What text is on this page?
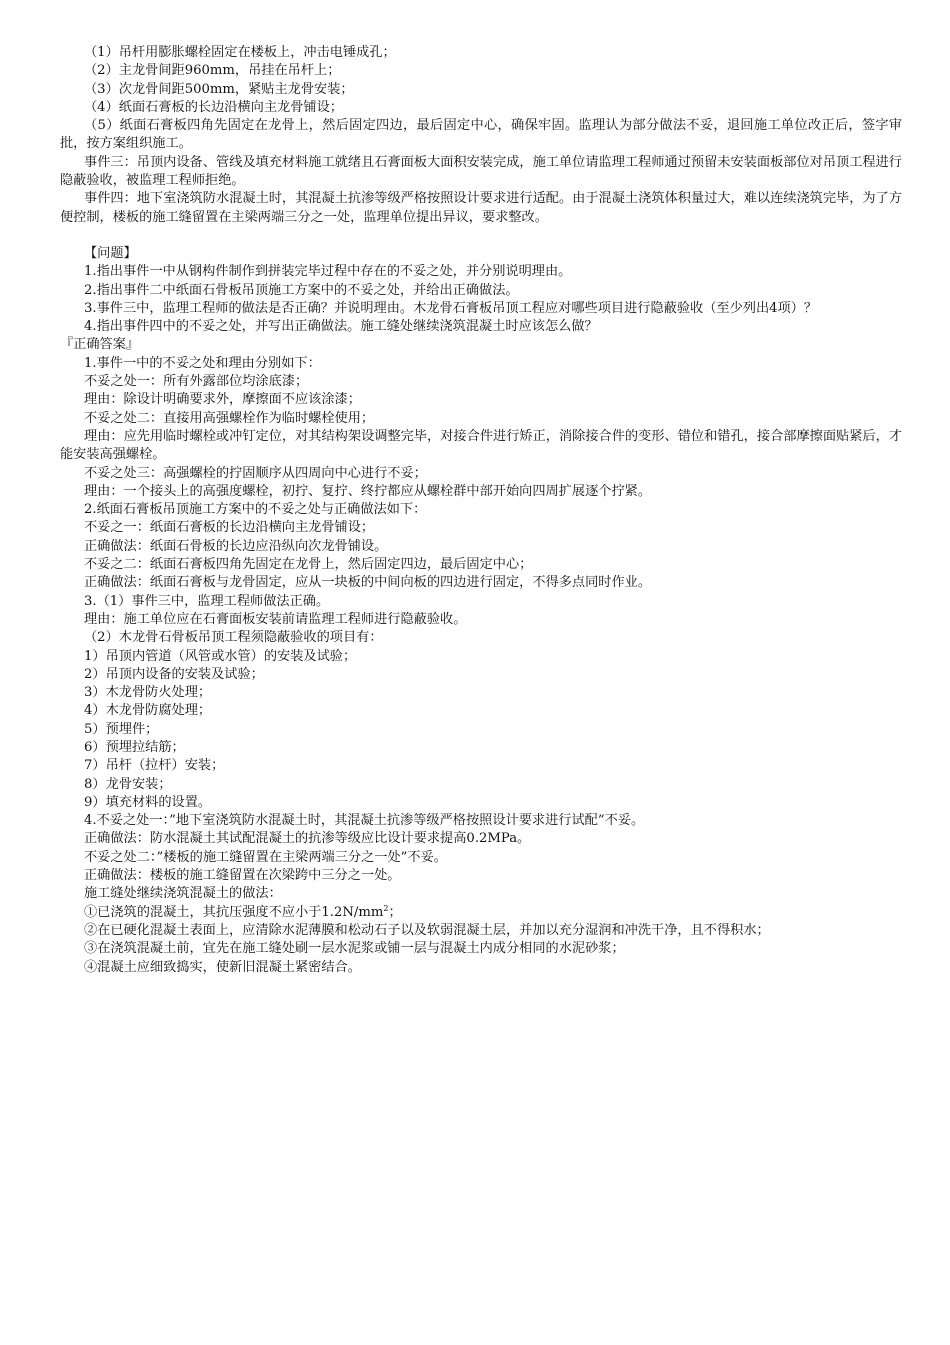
（1）吊杆用膨胀螺栓固定在楼板上，冲击电锤成孔；

（2）主龙骨间距960mm，吊挂在吊杆上；

（3）次龙骨间距500mm，紧贴主龙骨安装；

（4）纸面石膏板的长边沿横向主龙骨铺设；

（5）纸面石膏板四角先固定在龙骨上，然后固定四边，最后固定中心，确保牢固。监理认为部分做法不妥，退回施工单位改正后，签字审批，按方案组织施工。

事件三：吊顶内设备、管线及填充材料施工就绪且石膏面板大面积安装完成，施工单位请监理工程师通过预留未安装面板部位对吊顶工程进行隐蔽验收，被监理工程师拒绝。

事件四：地下室浇筑防水混凝土时，其混凝土抗渗等级严格按照设计要求进行适配。由于混凝土浇筑体积量过大，难以连续浇筑完毕，为了方便控制，楼板的施工缝留置在主梁两端三分之一处，监理单位提出异议，要求整改。

【问题】

1.指出事件一中从钢构件制作到拼装完毕过程中存在的不妥之处，并分别说明理由。

2.指出事件二中纸面石骨板吊顶施工方案中的不妥之处，并给出正确做法。

3.事件三中，监理工程师的做法是否正确？并说明理由。木龙骨石膏板吊顶工程应对哪些项目进行隐蔽验收（至少列出4项）？

4.指出事件四中的不妥之处，并写出正确做法。施工缝处继续浇筑混凝土时应该怎么做？

『正确答案』

1.事件一中的不妥之处和理由分别如下：

不妥之处一：所有外露部位均涂底漆；

理由：除设计明确要求外，摩擦面不应该涂漆；

不妥之处二：直接用高强螺栓作为临时螺栓使用；

理由：应先用临时螺栓或冲钉定位，对其结构架设调整完毕，对接合件进行矫正，消除接合件的变形、错位和错孔，接合部摩擦面贴紧后，才能安装高强螺栓。

不妥之处三：高强螺栓的拧固顺序从四周向中心进行不妥；

理由：一个接头上的高强度螺栓，初拧、复拧、终拧都应从螺栓群中部开始向四周扩展逐个拧紧。

2.纸面石膏板吊顶施工方案中的不妥之处与正确做法如下：

不妥之一：纸面石膏板的长边沿横向主龙骨铺设；

正确做法：纸面石骨板的长边应沿纵向次龙骨铺设。

不妥之二：纸面石膏板四角先固定在龙骨上，然后固定四边，最后固定中心；

正确做法：纸面石膏板与龙骨固定，应从一块板的中间向板的四边进行固定，不得多点同时作业。

3.（1）事件三中，监理工程师做法正确。

理由：施工单位应在石膏面板安装前请监理工程师进行隐蔽验收。

（2）木龙骨石骨板吊顶工程须隐蔽验收的项目有：

1）吊顶内管道（风管或水管）的安装及试验；

2）吊顶内设备的安装及试验；

3）木龙骨防火处理；

4）木龙骨防腐处理；

5）预埋件；

6）预埋拉结筋；

7）吊杆（拉杆）安装；

8）龙骨安装；

9）填充材料的设置。

4.不妥之处一：”地下室浇筑防水混凝土时，其混凝土抗渗等级严格按照设计要求进行试配”不妥。

正确做法：防水混凝土其试配混凝土的抗渗等级应比设计要求提高0.2MPa。

不妥之处二：”楼板的施工缝留置在主梁两端三分之一处”不妥。

正确做法：楼板的施工缝留置在次梁跨中三分之一处。

施工缝处继续浇筑混凝土的做法：

①已浇筑的混凝土，其抗压强度不应小于$1.2N/mm^2$；

②在已硬化混凝土表面上，应清除水泥薄膜和松动石子以及软弱混凝土层，并加以充分湿润和冲洗干净，且不得积水；

③在浇筑混凝土前，宜先在施工缝处刷一层水泥浆或铺一层与混凝土内成分相同的水泥砂浆；

④混凝土应细致捣实，使新旧混凝土紧密结合。
